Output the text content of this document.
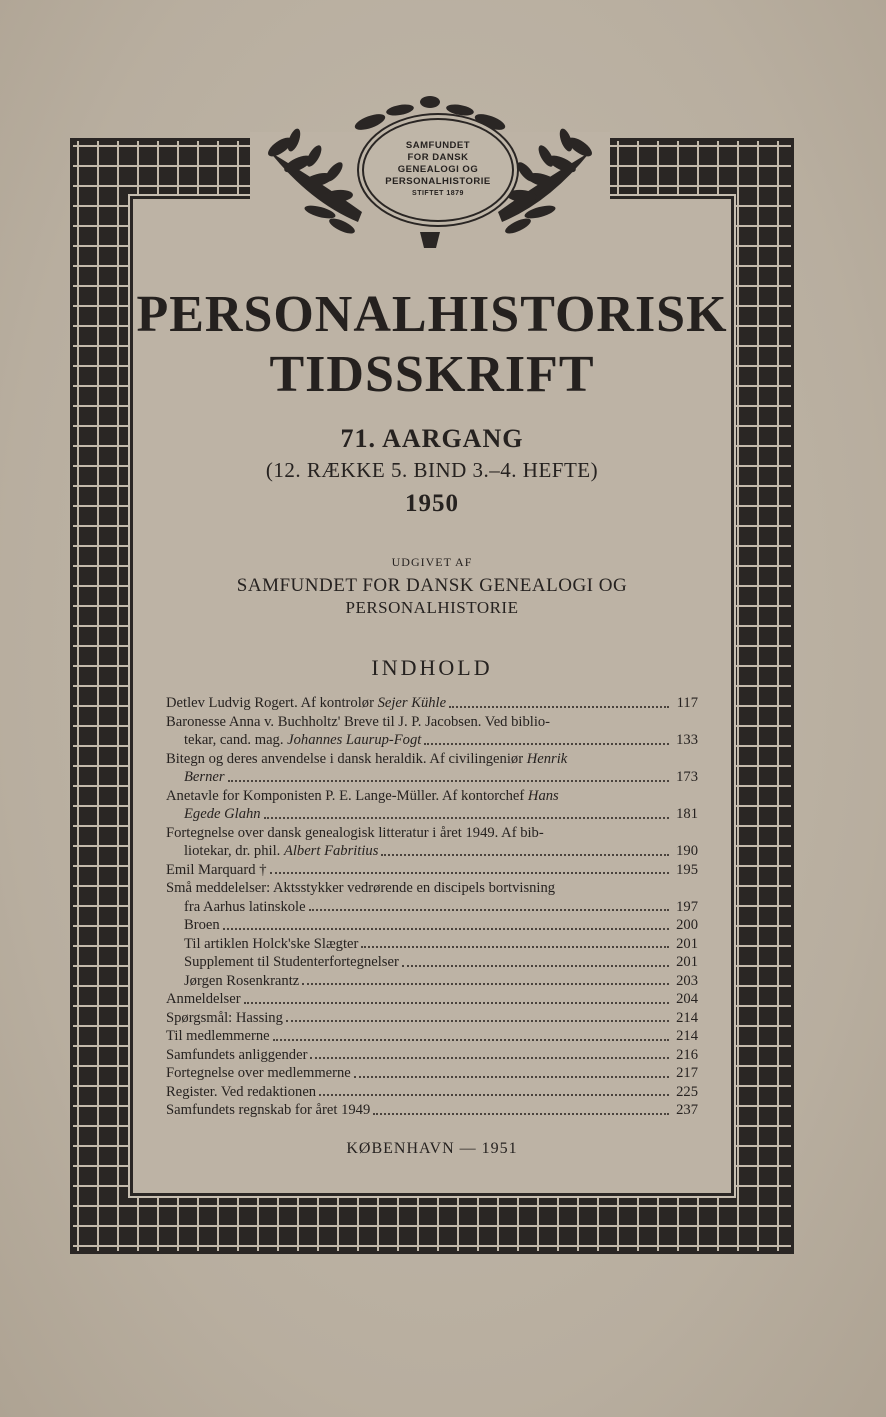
SAMFUNDET
FOR DANSK
GENEALOGI OG
PERSONALHISTORIE
STIFTET 1879
PERSONALHISTORISK
TIDSSKRIFT
71. AARGANG
(12. RÆKKE 5. BIND 3.–4. HEFTE)
1950
UDGIVET AF
SAMFUNDET FOR DANSK GENEALOGI OG
PERSONALHISTORIE
INDHOLD
Detlev Ludvig Rogert. Af kontrolør Sejer Kühle	117
Baronesse Anna v. Buchholtz' Breve til J. P. Jacobsen. Ved biblio-
tekar, cand. mag. Johannes Laurup-Fogt	133
Bitegn og deres anvendelse i dansk heraldik. Af civilingeniør Henrik
Berner	173
Anetavle for Komponisten P. E. Lange-Müller. Af kontorchef Hans
Egede Glahn	181
Fortegnelse over dansk genealogisk litteratur i året 1949. Af bib-
liotekar, dr. phil. Albert Fabritius	190
Emil Marquard †	195
Små meddelelser: Aktsstykker vedrørende en discipels bortvisning
fra Aarhus latinskole	197
Broen	200
Til artiklen Holck'ske Slægter	201
Supplement til Studenterfortegnelser	201
Jørgen Rosenkrantz	203
Anmeldelser	204
Spørgsmål: Hassing	214
Til medlemmerne	214
Samfundets anliggender	216
Fortegnelse over medlemmerne	217
Register. Ved redaktionen	225
Samfundets regnskab for året 1949	237
KØBENHAVN — 1951
